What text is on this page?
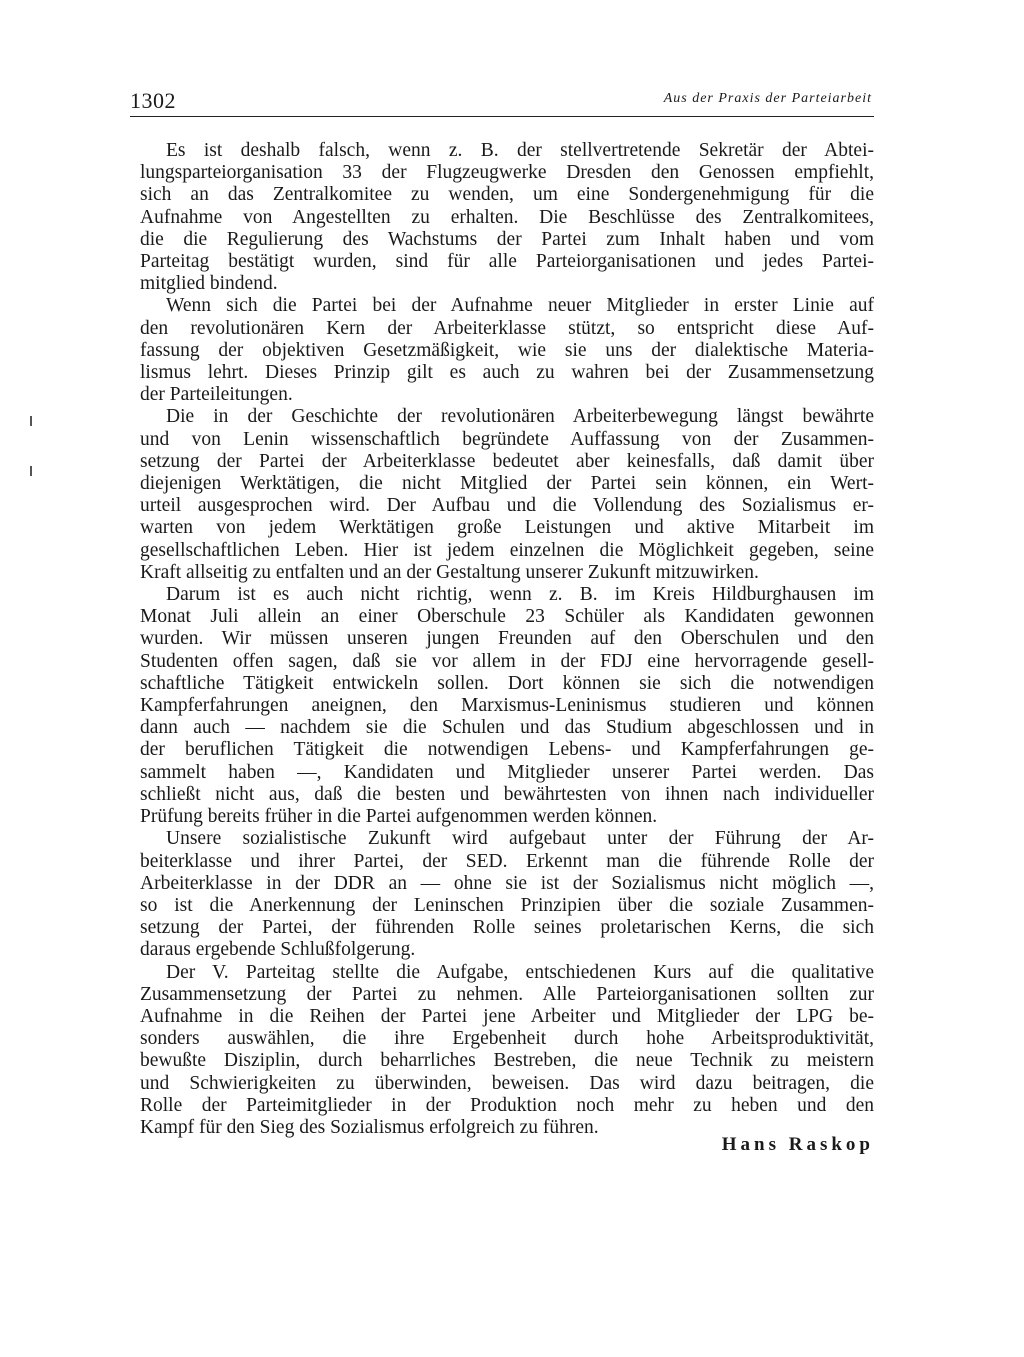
1302	Aus der Praxis der Parteiarbeit

Es ist deshalb falsch, wenn z. B. der stellvertretende Sekretär der Abtei-
lungsparteiorganisation 33 der Flugzeugwerke Dresden den Genossen empfiehlt,
sich an das Zentralkomitee zu wenden, um eine Sondergenehmigung für die
Aufnahme von Angestellten zu erhalten. Die Beschlüsse des Zentralkomitees,
die die Regulierung des Wachstums der Partei zum Inhalt haben und vom
Parteitag bestätigt wurden, sind für alle Parteiorganisationen und jedes Partei-
mitglied bindend.

Wenn sich die Partei bei der Aufnahme neuer Mitglieder in erster Linie auf
den revolutionären Kern der Arbeiterklasse stützt, so entspricht diese Auf-
fassung der objektiven Gesetzmäßigkeit, wie sie uns der dialektische Materia-
lismus lehrt. Dieses Prinzip gilt es auch zu wahren bei der Zusammensetzung
der Parteileitungen.

Die in der Geschichte der revolutionären Arbeiterbewegung längst bewährte
und von Lenin wissenschaftlich begründete Auffassung von der Zusammen-
setzung der Partei der Arbeiterklasse bedeutet aber keinesfalls, daß damit über
diejenigen Werktätigen, die nicht Mitglied der Partei sein können, ein Wert-
urteil ausgesprochen wird. Der Aufbau und die Vollendung des Sozialismus er-
warten von jedem Werktätigen große Leistungen und aktive Mitarbeit im
gesellschaftlichen Leben. Hier ist jedem einzelnen die Möglichkeit gegeben, seine
Kraft allseitig zu entfalten und an der Gestaltung unserer Zukunft mitzuwirken.

Darum ist es auch nicht richtig, wenn z. B. im Kreis Hildburghausen im
Monat Juli allein an einer Oberschule 23 Schüler als Kandidaten gewonnen
wurden. Wir müssen unseren jungen Freunden auf den Oberschulen und den
Studenten offen sagen, daß sie vor allem in der FDJ eine hervorragende gesell-
schaftliche Tätigkeit entwickeln sollen. Dort können sie sich die notwendigen
Kampferfahrungen aneignen, den Marxismus-Leninismus studieren und können
dann auch — nachdem sie die Schulen und das Studium abgeschlossen und in
der beruflichen Tätigkeit die notwendigen Lebens- und Kampferfahrungen ge-
sammelt haben —, Kandidaten und Mitglieder unserer Partei werden. Das
schließt nicht aus, daß die besten und bewährtesten von ihnen nach individueller
Prüfung bereits früher in die Partei aufgenommen werden können.

Unsere sozialistische Zukunft wird aufgebaut unter der Führung der Ar-
beiterklasse und ihrer Partei, der SED. Erkennt man die führende Rolle der
Arbeiterklasse in der DDR an — ohne sie ist der Sozialismus nicht möglich —,
so ist die Anerkennung der Leninschen Prinzipien über die soziale Zusammen-
setzung der Partei, der führenden Rolle seines proletarischen Kerns, die sich
daraus ergebende Schlußfolgerung.

Der V. Parteitag stellte die Aufgabe, entschiedenen Kurs auf die qualitative
Zusammensetzung der Partei zu nehmen. Alle Parteiorganisationen sollten zur
Aufnahme in die Reihen der Partei jene Arbeiter und Mitglieder der LPG be-
sonders auswählen, die ihre Ergebenheit durch hohe Arbeitsproduktivität,
bewußte Disziplin, durch beharrliches Bestreben, die neue Technik zu meistern
und Schwierigkeiten zu überwinden, beweisen. Das wird dazu beitragen, die
Rolle der Parteimitglieder in der Produktion noch mehr zu heben und den
Kampf für den Sieg des Sozialismus erfolgreich zu führen.

Hans Raskop
